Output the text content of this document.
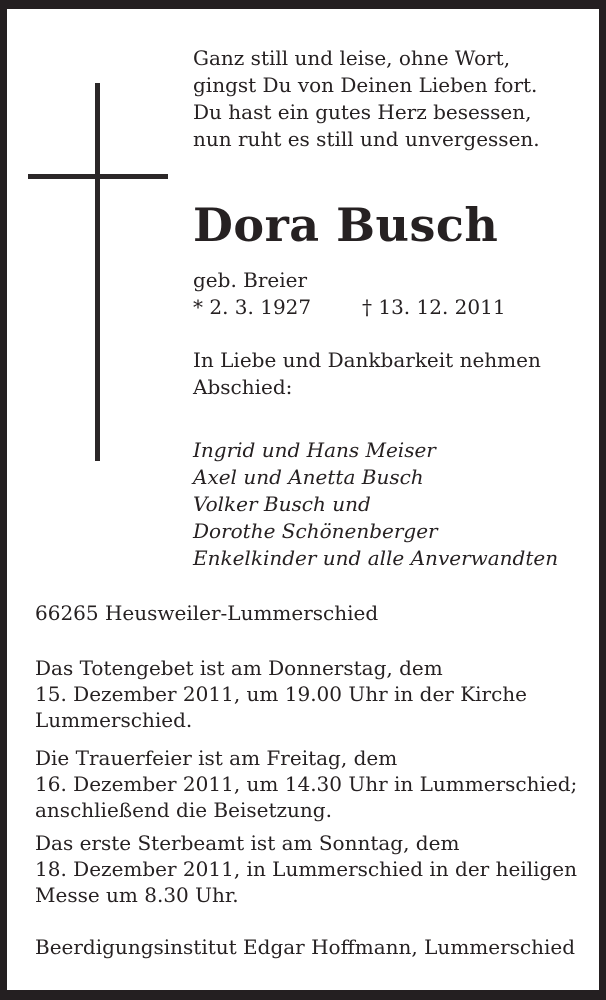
Ganz still und leise, ohne Wort,
gingst Du von Deinen Lieben fort.
Du hast ein gutes Herz besessen,
nun ruht es still und unvergessen.
Dora Busch
geb. Breier
* 2. 3. 1927	† 13. 12. 2011
In Liebe und Dankbarkeit nehmen
Abschied:
Ingrid und Hans Meiser
Axel und Anetta Busch
Volker Busch und
Dorothe Schönenberger
Enkelkinder und alle Anverwandten
66265 Heusweiler-Lummerschied
Das Totengebet ist am Donnerstag, dem
15. Dezember 2011, um 19.00 Uhr in der Kirche
Lummerschied.
Die Trauerfeier ist am Freitag, dem
16. Dezember 2011, um 14.30 Uhr in Lummerschied;
anschließend die Beisetzung.
Das erste Sterbeamt ist am Sonntag, dem
18. Dezember 2011, in Lummerschied in der heiligen
Messe um 8.30 Uhr.
Beerdigungsinstitut Edgar Hoffmann, Lummerschied
